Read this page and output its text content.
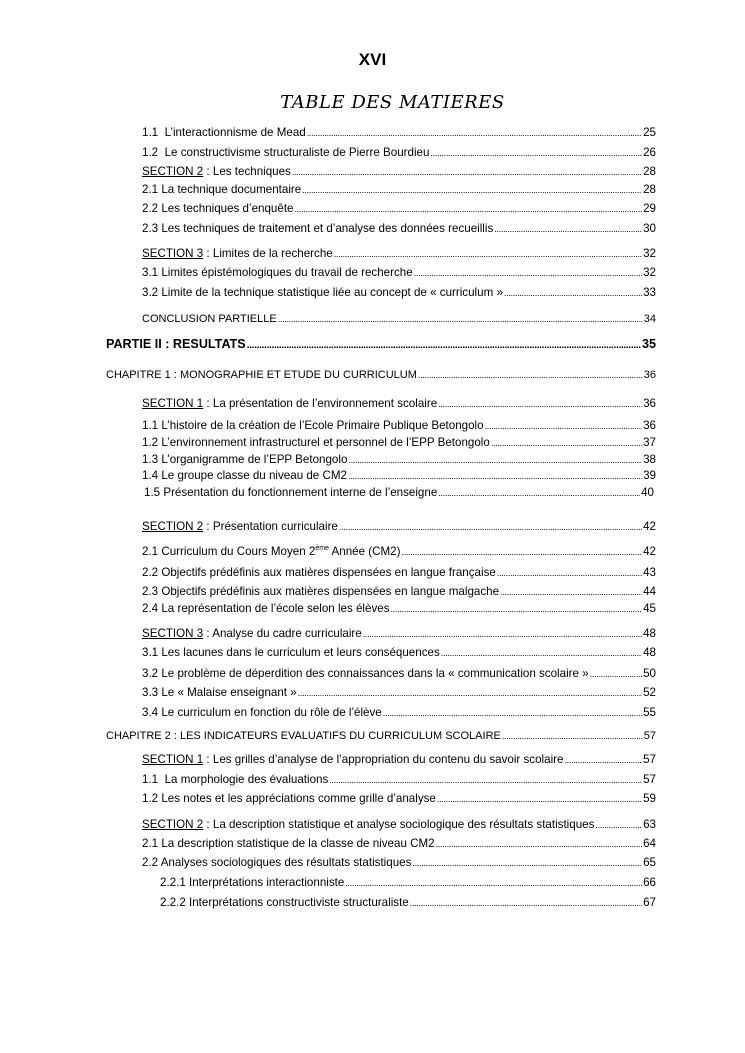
XVI
TABLE DES MATIERES
1.1 L’interactionnisme de Mead .....	25
1.2 Le constructivisme structuraliste de Pierre Bourdieu .....	26
SECTION 2 : Les techniques .....	28
2.1 La technique documentaire .....	28
2.2 Les techniques d’enquête .....	29
2.3 Les techniques de traitement et d’analyse des données recueillis .....	30
SECTION 3 : Limites de la recherche .....	32
3.1 Limites épistémologiques du travail de recherche .....	32
3.2 Limite de la technique statistique liée au concept de « curriculum » .....	33
CONCLUSION PARTIELLE .....	34
PARTIE II : RESULTATS .....	35
CHAPITRE 1 : MONOGRAPHIE ET ETUDE DU CURRICULUM .....	36
SECTION 1 : La présentation de l’environnement scolaire .....	36
1.1 L’histoire de la création de l’Ecole Primaire Publique Betongolo .....	36
1.2 L’environnement infrastructurel et personnel de l’EPP Betongolo .....	37
1.3 L’organigramme de l’EPP Betongolo .....	38
1.4 Le groupe classe du niveau de CM2 .....	39
1.5 Présentation du fonctionnement interne de l’enseigne .....	40
SECTION 2 : Présentation curriculaire .....	42
2.1 Curriculum du Cours Moyen 2ème Année (CM2) .....	42
2.2 Objectifs prédéfinis aux matières dispensées en langue française .....	43
2.3 Objectifs prédéfinis aux matières dispensées en langue malgache .....	44
2.4 La représentation de l’école selon les élèves .....	45
SECTION 3 : Analyse du cadre curriculaire .....	48
3.1 Les lacunes dans le curriculum et leurs conséquences .....	48
3.2 Le problème de déperdition des connaissances dans la « communication scolaire » .....	50
3.3 Le « Malaise enseignant » .....	52
3.4 Le curriculum en fonction du rôle de l’élève .....	55
CHAPITRE 2 : LES INDICATEURS EVALUATIFS DU CURRICULUM SCOLAIRE .....	57
SECTION 1 : Les grilles d’analyse de l’appropriation du contenu du savoir scolaire .....	57
1.1 La morphologie des évaluations .....	57
1.2 Les notes et les appréciations comme grille d’analyse .....	59
SECTION 2 : La description statistique et analyse sociologique des résultats statistiques .....	63
2.1 La description statistique de la classe de niveau CM2 .....	64
2.2 Analyses sociologiques des résultats statistiques .....	65
2.2.1 Interprétations interactionniste .....	66
2.2.2 Interprétations constructiviste structuraliste .....	67
